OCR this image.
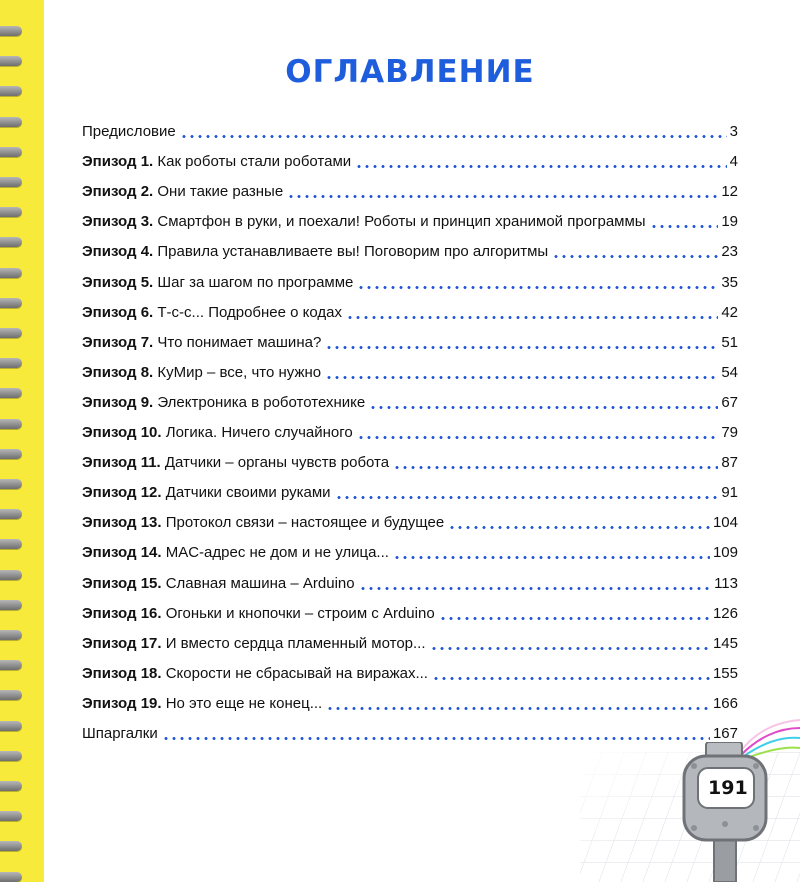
ОГЛАВЛЕНИЕ
Предисловие	3
Эпизод 1. Как роботы стали роботами	4
Эпизод 2. Они такие разные	12
Эпизод 3. Смартфон в руки, и поехали! Роботы и принцип хранимой программы	19
Эпизод 4. Правила устанавливаете вы! Поговорим про алгоритмы	23
Эпизод 5. Шаг за шагом по программе	35
Эпизод 6. Т-с-с... Подробнее о кодах	42
Эпизод 7. Что понимает машина?	51
Эпизод 8. КуМир – все, что нужно	54
Эпизод 9. Электроника в робототехнике	67
Эпизод 10. Логика. Ничего случайного	79
Эпизод 11. Датчики – органы чувств робота	87
Эпизод 12. Датчики своими руками	91
Эпизод 13. Протокол связи – настоящее и будущее	104
Эпизод 14. MAC-адрес не дом и не улица...	109
Эпизод 15. Славная машина – Arduino	113
Эпизод 16. Огоньки и кнопочки – строим с Arduino	126
Эпизод 17. И вместо сердца пламенный мотор...	145
Эпизод 18. Скорости не сбрасывай на виражах...	155
Эпизод 19. Но это еще не конец...	166
Шпаргалки	167
191
